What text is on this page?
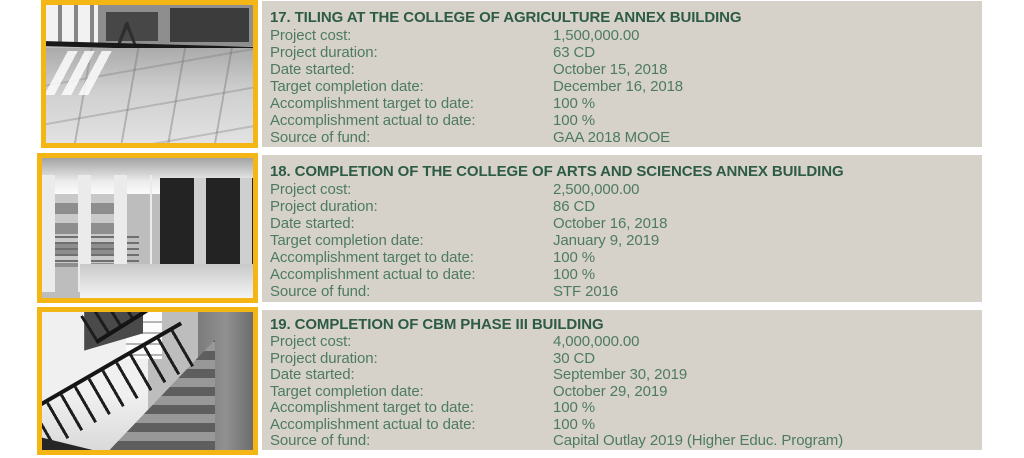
17. TILING AT THE COLLEGE OF AGRICULTURE ANNEX BUILDING
Project cost:	1,500,000.00
Project duration:	63 CD
Date started:	October 15, 2018
Target completion date:	December 16, 2018
Accomplishment target to date:	100 %
Accomplishment actual to date:	100 %
Source of fund:	GAA 2018 MOOE
18. COMPLETION OF THE COLLEGE OF ARTS AND SCIENCES ANNEX BUILDING
Project cost:	2,500,000.00
Project duration:	86 CD
Date started:	October 16, 2018
Target completion date:	January 9, 2019
Accomplishment target to date:	100 %
Accomplishment actual to date:	100 %
Source of fund:	STF 2016
19. COMPLETION OF CBM PHASE III BUILDING
Project cost:	4,000,000.00
Project duration:	30 CD
Date started:	September 30, 2019
Target completion date:	October 29, 2019
Accomplishment target to date:	100 %
Accomplishment actual to date:	100 %
Source of fund:	Capital Outlay 2019 (Higher Educ. Program)
